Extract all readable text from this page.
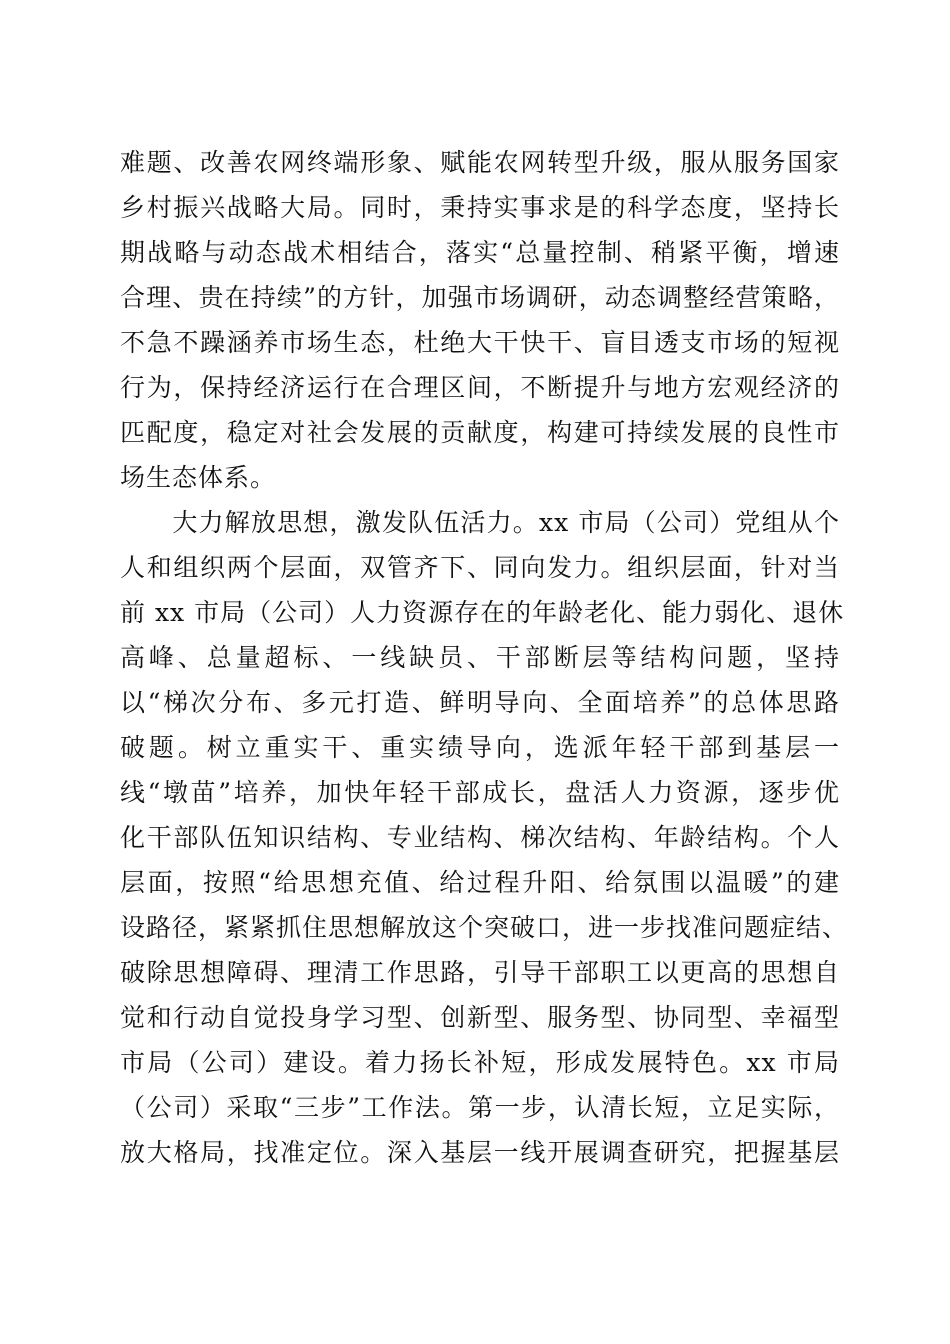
难题、改善农网终端形象、赋能农网转型升级，服从服务国家
乡村振兴战略大局。同时，秉持实事求是的科学态度，坚持长
期战略与动态战术相结合，落实“总量控制、稍紧平衡，增速
合理、贵在持续”的方针，加强市场调研，动态调整经营策略，
不急不躁涵养市场生态，杜绝大干快干、盲目透支市场的短视
行为，保持经济运行在合理区间，不断提升与地方宏观经济的
匹配度，稳定对社会发展的贡献度，构建可持续发展的良性市
场生态体系。
　　大力解放思想，激发队伍活力。xx 市局（公司）党组从个
人和组织两个层面，双管齐下、同向发力。组织层面，针对当
前 xx 市局（公司）人力资源存在的年龄老化、能力弱化、退休
高峰、总量超标、一线缺员、干部断层等结构问题，坚持
以“梯次分布、多元打造、鲜明导向、全面培养”的总体思路
破题。树立重实干、重实绩导向，选派年轻干部到基层一
线“墩苗”培养，加快年轻干部成长，盘活人力资源，逐步优
化干部队伍知识结构、专业结构、梯次结构、年龄结构。个人
层面，按照“给思想充值、给过程升阳、给氛围以温暖”的建
设路径，紧紧抓住思想解放这个突破口，进一步找准问题症结、
破除思想障碍、理清工作思路，引导干部职工以更高的思想自
觉和行动自觉投身学习型、创新型、服务型、协同型、幸福型
市局（公司）建设。着力扬长补短，形成发展特色。xx 市局
（公司）采取“三步”工作法。第一步，认清长短，立足实际，
放大格局，找准定位。深入基层一线开展调查研究，把握基层
